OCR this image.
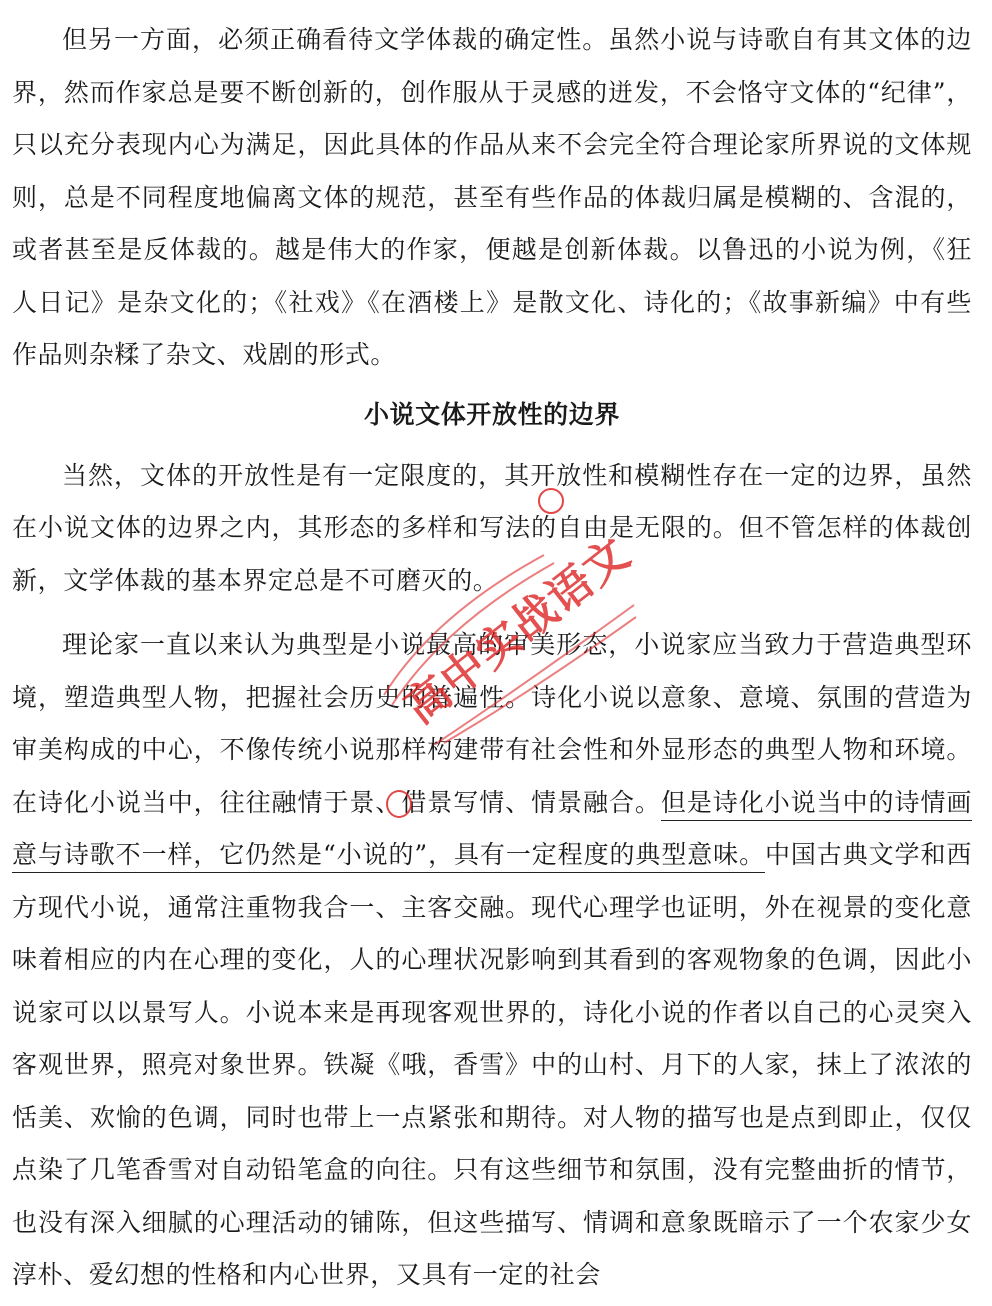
但另一方面，必须正确看待文学体裁的确定性。虽然小说与诗歌自有其文体的边界，然而作家总是要不断创新的，创作服从于灵感的迸发，不会恪守文体的“纪律”，只以充分表现内心为满足，因此具体的作品从来不会完全符合理论家所界说的文体规则，总是不同程度地偏离文体的规范，甚至有些作品的体裁归属是模糊的、含混的，或者甚至是反体裁的。越是伟大的作家，便越是创新体裁。以鲁迅的小说为例，《狂人日记》是杂文化的；《社戏》《在酒楼上》是散文化、诗化的；《故事新编》中有些作品则杂糅了杂文、戏剧的形式。

小说文体开放性的边界

当然，文体的开放性是有一定限度的，其开放性和模糊性存在一定的边界，虽然在小说文体的边界之内，其形态的多样和写法的自由是无限的。但不管怎样的体裁创新，文学体裁的基本界定总是不可磨灭的。

理论家一直以来认为典型是小说最高的审美形态，小说家应当致力于营造典型环境，塑造典型人物，把握社会历史的普遍性。诗化小说以意象、意境、氛围的营造为审美构成的中心，不像传统小说那样构建带有社会性和外显形态的典型人物和环境。在诗化小说当中，往往融情于景、借景写情、情景融合。但是诗化小说当中的诗情画意与诗歌不一样，它仍然是“小说的”，具有一定程度的典型意味。中国古典文学和西方现代小说，通常注重物我合一、主客交融。现代心理学也证明，外在视景的变化意味着相应的内在心理的变化，人的心理状况影响到其看到的客观物象的色调，因此小说家可以以景写人。小说本来是再现客观世界的，诗化小说的作者以自己的心灵突入客观世界，照亮对象世界。铁凝《哦，香雪》中的山村、月下的人家，抹上了浓浓的恬美、欢愉的色调，同时也带上一点紧张和期待。对人物的描写也是点到即止，仅仅点染了几笔香雪对自动铅笔盒的向往。只有这些细节和氛围，没有完整曲折的情节，也没有深入细腻的心理活动的铺陈，但这些描写、情调和意象既暗示了一个农家少女淳朴、爱幻想的性格和内心世界，又具有一定的社会

高中实战语文
